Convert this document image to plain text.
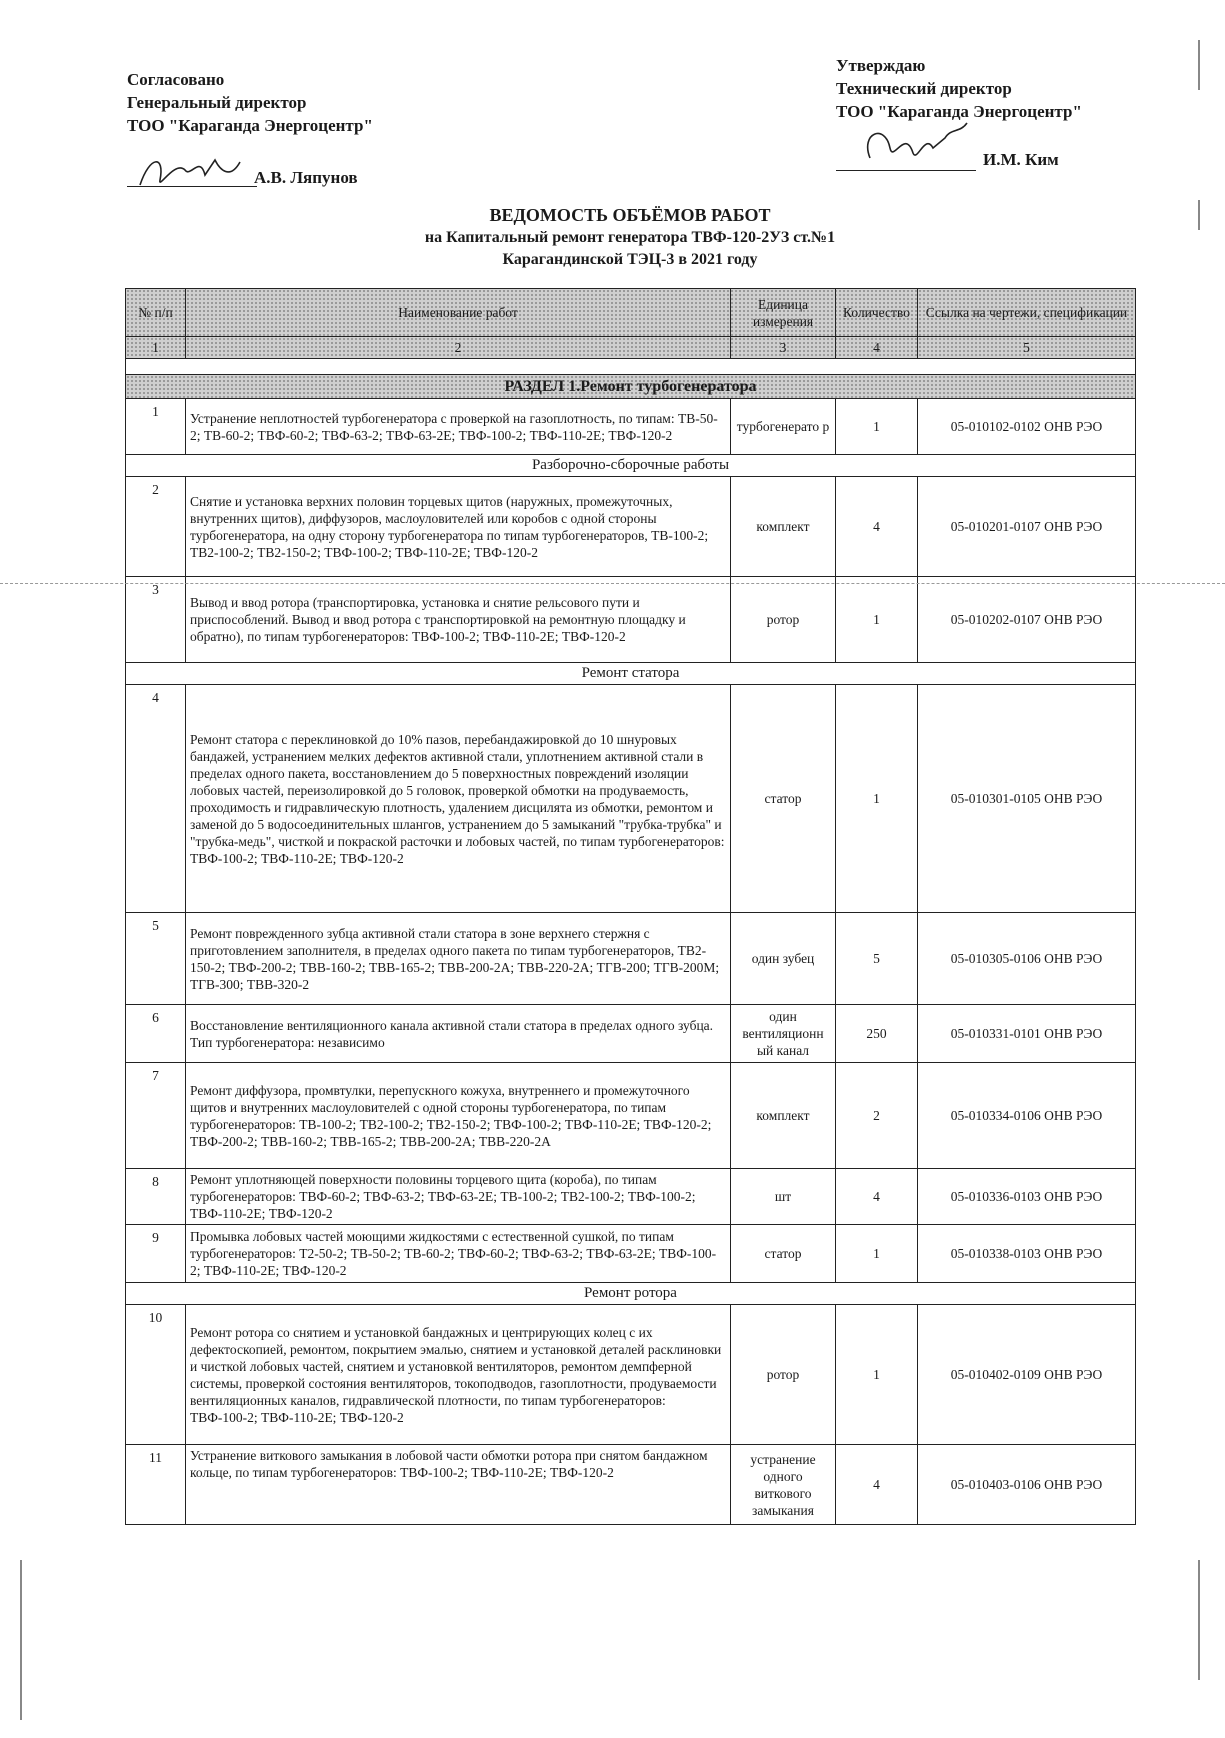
Согласовано
Генеральный директор
ТОО "Караганда Энергоцентр"
А.В. Ляпунов
Утверждаю
Технический директор
ТОО "Караганда Энергоцентр"
И.М. Ким
ВЕДОМОСТЬ ОБЪЁМОВ РАБОТ
на Капитальный ремонт генератора ТВФ-120-2УЗ ст.№1
Карагандинской ТЭЦ-3 в 2021 году
№ п/п	Наименование работ	Единица измерения	Количество	Ссылка на чертежи, спецификации
1	2	3	4	5

РАЗДЕЛ 1.Ремонт турбогенератора				
1	Устранение неплотностей турбогенератора с проверкой на газоплотность, по типам: ТВ-50-2; ТВ-60-2; ТВФ-60-2; ТВФ-63-2; ТВФ-63-2Е; ТВФ-100-2; ТВФ-110-2Е; ТВФ-120-2	турбогенерато р	1	05-010102-0102 ОНВ РЭО
Разборочно-сборочные работы				
2	Снятие и установка верхних половин торцевых щитов (наружных, промежуточных, внутренних щитов), диффузоров, маслоуловителей или коробов с одной стороны турбогенератора, на одну сторону турбогенератора по типам турбогенераторов, ТВ-100-2; ТВ2-100-2; ТВ2-150-2; ТВФ-100-2; ТВФ-110-2Е; ТВФ-120-2	комплект	4	05-010201-0107 ОНВ РЭО
3	Вывод и ввод ротора (транспортировка, установка и снятие рельсового пути и приспособлений. Вывод и ввод ротора с транспортировкой на ремонтную площадку и обратно), по типам турбогенераторов: ТВФ-100-2; ТВФ-110-2Е; ТВФ-120-2	ротор	1	05-010202-0107 ОНВ РЭО
Ремонт статора				
4	Ремонт статора с переклиновкой до 10% пазов, перебандажировкой до 10 шнуровых бандажей, устранением мелких дефектов активной стали, уплотнением активной стали в пределах одного пакета, восстановлением до 5 поверхностных повреждений изоляции лобовых частей, переизолировкой до 5 головок, проверкой обмотки на продуваемость, проходимость и гидравлическую плотность, удалением дисцилята из обмотки, ремонтом и заменой до 5 водосоединительных шлангов, устранением до 5 замыканий "трубка-трубка" и "трубка-медь", чисткой и покраской расточки и лобовых частей, по типам турбогенераторов: ТВФ-100-2; ТВФ-110-2Е; ТВФ-120-2	статор	1	05-010301-0105 ОНВ РЭО
5	Ремонт поврежденного зубца активной стали статора в зоне верхнего стержня с приготовлением заполнителя, в пределах одного пакета по типам турбогенераторов, ТВ2-150-2; ТВФ-200-2; ТВВ-160-2; ТВВ-165-2; ТВВ-200-2А; ТВВ-220-2А; ТГВ-200; ТГВ-200М; ТГВ-300; ТВВ-320-2	один зубец	5	05-010305-0106 ОНВ РЭО
6	Восстановление вентиляционного канала активной стали статора в пределах одного зубца. Тип турбогенератора: независимо	один вентиляционн ый канал	250	05-010331-0101 ОНВ РЭО
7	Ремонт диффузора, промвтулки, перепускного кожуха, внутреннего и промежуточного щитов и внутренних маслоуловителей с одной стороны турбогенератора, по типам турбогенераторов: ТВ-100-2; ТВ2-100-2; ТВ2-150-2; ТВФ-100-2; ТВФ-110-2Е; ТВФ-120-2; ТВФ-200-2; ТВВ-160-2; ТВВ-165-2; ТВВ-200-2А; ТВВ-220-2А	комплект	2	05-010334-0106 ОНВ РЭО
8	Ремонт уплотняющей поверхности половины торцевого щита (короба), по типам турбогенераторов: ТВФ-60-2; ТВФ-63-2; ТВФ-63-2Е; ТВ-100-2; ТВ2-100-2; ТВФ-100-2; ТВФ-110-2Е; ТВФ-120-2	шт	4	05-010336-0103 ОНВ РЭО
9	Промывка лобовых частей моющими жидкостями с естественной сушкой, по типам турбогенераторов: Т2-50-2; ТВ-50-2; ТВ-60-2; ТВФ-60-2; ТВФ-63-2; ТВФ-63-2Е; ТВФ-100-2; ТВФ-110-2Е; ТВФ-120-2	статор	1	05-010338-0103 ОНВ РЭО
Ремонт ротора				
10	Ремонт ротора со снятием и установкой бандажных и центрирующих колец с их дефектоскопией, ремонтом, покрытием эмалью, снятием и установкой деталей расклиновки и чисткой лобовых частей, снятием и установкой вентиляторов, ремонтом демпферной системы, проверкой состояния вентиляторов, токоподводов, газоплотности, продуваемости вентиляционных каналов, гидравлической плотности, по типам турбогенераторов: ТВФ-100-2; ТВФ-110-2Е; ТВФ-120-2	ротор	1	05-010402-0109 ОНВ РЭО
11	Устранение виткового замыкания в лобовой части обмотки ротора при снятом бандажном кольце, по типам турбогенераторов: ТВФ-100-2; ТВФ-110-2Е; ТВФ-120-2	устранение одного виткового замыкания	4	05-010403-0106 ОНВ РЭО
